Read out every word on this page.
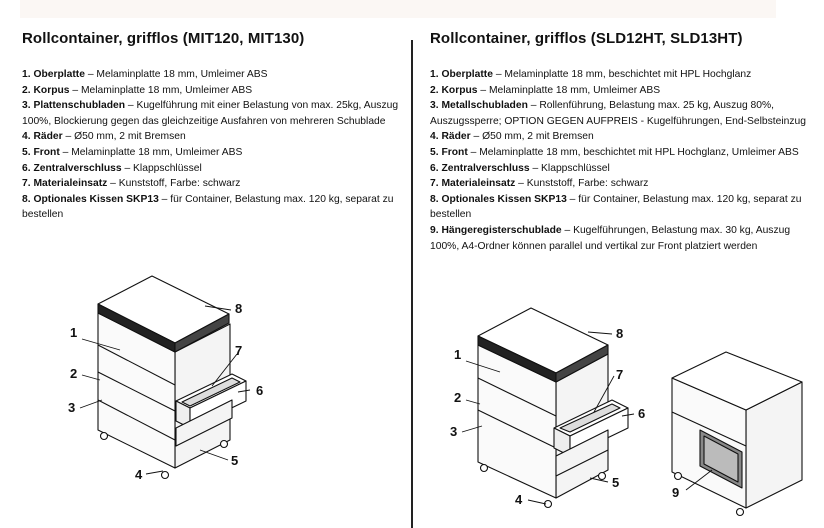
Rollcontainer, grifflos (MIT120, MIT130)
1. Oberplatte – Melaminplatte 18 mm, Umleimer ABS
2. Korpus – Melaminplatte 18 mm, Umleimer ABS
3. Plattenschubladen – Kugelführung mit einer Belastung von max. 25kg, Auszug 100%, Blockierung gegen das gleichzeitige Ausfahren von mehreren Schublade
4. Räder – Ø50 mm, 2 mit Bremsen
5. Front – Melaminplatte 18 mm, Umleimer ABS
6. Zentralverschluss – Klappschlüssel
7. Materialeinsatz – Kunststoff, Farbe: schwarz
8. Optionales Kissen SKP13 – für Container, Belastung max. 120 kg, separat zu bestellen
Rollcontainer, grifflos (SLD12HT, SLD13HT)
1. Oberplatte – Melaminplatte 18 mm, beschichtet mit HPL Hochglanz
2. Korpus – Melaminplatte 18 mm, Umleimer ABS
3. Metallschubladen – Rollenführung, Belastung max. 25 kg, Auszug 80%, Auszugssperre; OPTION GEGEN AUFPREIS - Kugelführungen, End-Selbsteinzug
4. Räder – Ø50 mm, 2 mit Bremsen
5. Front – Melaminplatte 18 mm, beschichtet mit HPL Hochglanz, Umleimer ABS
6. Zentralverschluss – Klappschlüssel
7. Materialeinsatz – Kunststoff, Farbe: schwarz
8. Optionales Kissen SKP13 – für Container, Belastung max. 120 kg, separat zu bestellen
9. Hängeregisterschublade – Kugelführungen, Belastung max. 30 kg, Auszug 100%, A4-Ordner können parallel und vertikal zur Front platziert werden
1
2
3
4
5
6
7
8
1
2
3
4
5
6
7
8
9
